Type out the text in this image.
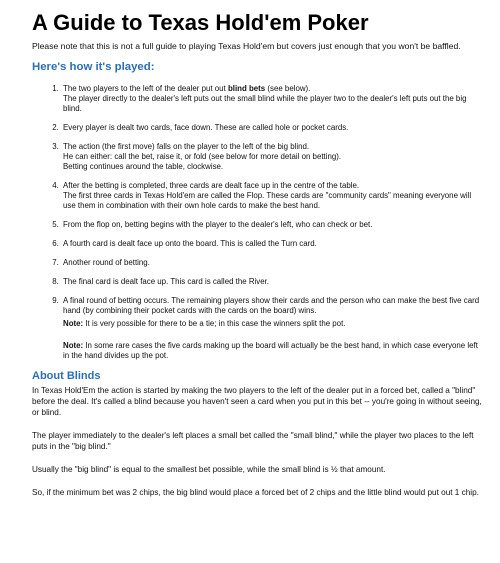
A Guide to Texas Hold'em Poker

Please note that this is not a full guide to playing Texas Hold'em but covers just enough that you won't be baffled.

Here's how it's played:
1. The two players to the left of the dealer put out blind bets (see below).
The player directly to the dealer's left puts out the small blind while the player two to the dealer's left puts out the big blind.
2. Every player is dealt two cards, face down. These are called hole or pocket cards.
3. The action (the first move) falls on the player to the left of the big blind.
He can either: call the bet, raise it, or fold (see below for more detail on betting).
Betting continues around the table, clockwise.
4. After the betting is completed, three cards are dealt face up in the centre of the table.
The first three cards in Texas Hold'em are called the Flop. These cards are "community cards" meaning everyone will use them in combination with their own hole cards to make the best hand.
5. From the flop on, betting begins with the player to the dealer's left, who can check or bet.
6. A fourth card is dealt face up onto the board. This is called the Turn card.
7. Another round of betting.
8. The final card is dealt face up. This card is called the River.
9. A final round of betting occurs. The remaining players show their cards and the person who can make the best five card hand (by combining their pocket cards with the cards on the board) wins.

Note: It is very possible for there to be a tie; in this case the winners split the pot.

Note: In some rare cases the five cards making up the board will actually be the best hand, in which case everyone left in the hand divides up the pot.

About Blinds

In Texas Hold'Em the action is started by making the two players to the left of the dealer put in a forced bet, called a "blind" before the deal. It's called a blind because you haven't seen a card when you put in this bet -- you're going in without seeing, or blind.

The player immediately to the dealer's left places a small bet called the "small blind," while the player two places to the left puts in the "big blind."

Usually the "big blind" is equal to the smallest bet possible, while the small blind is ½ that amount.

So, if the minimum bet was 2 chips, the big blind would place a forced bet of 2 chips and the little blind would put out 1 chip.
